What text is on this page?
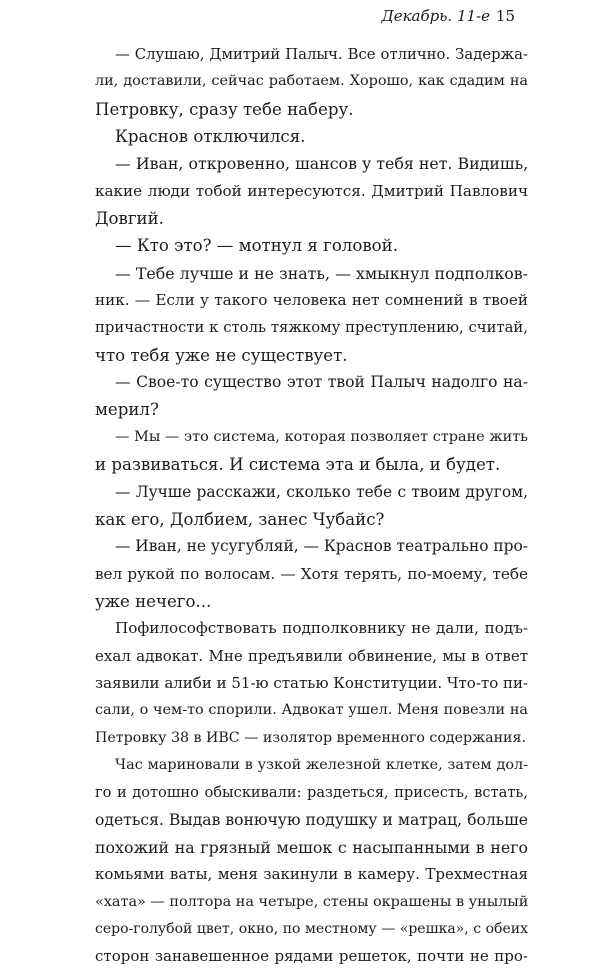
Декабрь. 11-е 15
— Слушаю, Дмитрий Палыч. Все отлично. Задержа-
ли, доставили, сейчас работаем. Хорошо, как сдадим на
Петровку, сразу тебе наберу.
Краснов отключился.
— Иван, откровенно, шансов у тебя нет. Видишь,
какие люди тобой интересуются. Дмитрий Павлович
Довгий.
— Кто это? — мотнул я головой.
— Тебе лучше и не знать, — хмыкнул подполков-
ник. — Если у такого человека нет сомнений в твоей
причастности к столь тяжкому преступлению, считай,
что тебя уже не существует.
— Свое-то существо этот твой Палыч надолго на-
мерил?
— Мы — это система, которая позволяет стране жить
и развиваться. И система эта и была, и будет.
— Лучше расскажи, сколько тебе с твоим другом,
как его, Долбием, занес Чубайс?
— Иван, не усугубляй, — Краснов театрально про-
вел рукой по волосам. — Хотя терять, по-моему, тебе
уже нечего...
Пофилософствовать подполковнику не дали, подъ-
ехал адвокат. Мне предъявили обвинение, мы в ответ
заявили алиби и 51-ю статью Конституции. Что-то пи-
сали, о чем-то спорили. Адвокат ушел. Меня повезли на
Петровку 38 в ИВС — изолятор временного содержания.
Час мариновали в узкой железной клетке, затем дол-
го и дотошно обыскивали: раздеться, присесть, встать,
одеться. Выдав вонючую подушку и матрац, больше
похожий на грязный мешок с насыпанными в него
комьями ваты, меня закинули в камеру. Трехместная
«хата» — полтора на четыре, стены окрашены в унылый
серо-голубой цвет, окно, по местному — «решка», с обеих
сторон занавешенное рядами решеток, почти не про-
